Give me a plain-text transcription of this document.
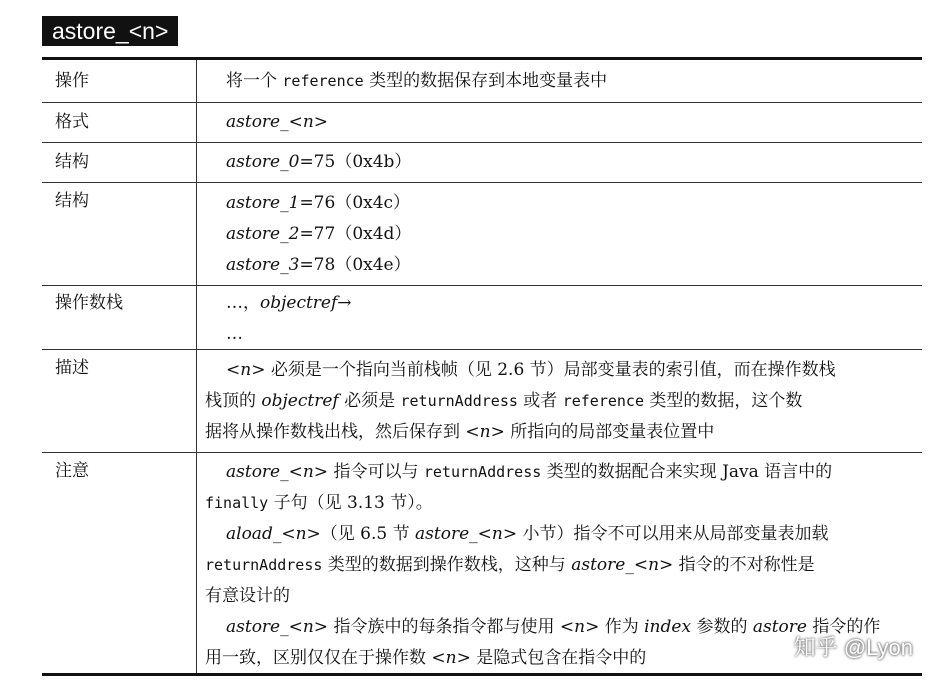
astore_<n>
操作	将一个 reference 类型的数据保存到本地变量表中
格式	astore_<n>
结构	astore_0=75（0x4b）
结构	astore_1=76（0x4c）
astore_2=77（0x4d）
astore_3=78（0x4e）
操作数栈	…，objectref→
…
描述	<n> 必须是一个指向当前栈帧（见 2.6 节）局部变量表的索引值，而在操作数栈
栈顶的 objectref 必须是 returnAddress 或者 reference 类型的数据，这个数
据将从操作数栈出栈，然后保存到 <n> 所指向的局部变量表位置中
注意	astore_<n> 指令可以与 returnAddress 类型的数据配合来实现 Java 语言中的
finally 子句（见 3.13 节）。
aload_<n>（见 6.5 节 astore_<n> 小节）指令不可以用来从局部变量表加载
returnAddress 类型的数据到操作数栈，这种与 astore_<n> 指令的不对称性是
有意设计的
astore_<n> 指令族中的每条指令都与使用 <n> 作为 index 参数的 astore 指令的作
用一致，区别仅仅在于操作数 <n> 是隐式包含在指令中的	知乎 @Lyon
